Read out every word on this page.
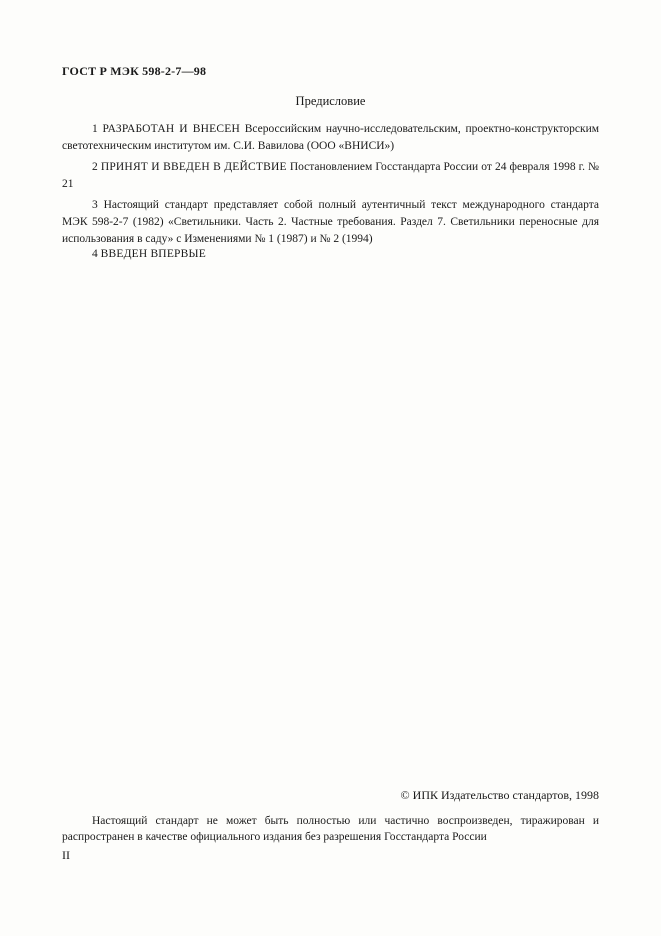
ГОСТ Р МЭК 598-2-7—98
Предисловие
1 РАЗРАБОТАН И ВНЕСЕН Всероссийским научно-исследовательским, проектно-конструкторским светотехническим институтом им. С.И. Вавилова (ООО «ВНИСИ»)
2 ПРИНЯТ И ВВЕДЕН В ДЕЙСТВИЕ Постановлением Госстандарта России от 24 февраля 1998 г. № 21
3 Настоящий стандарт представляет собой полный аутентичный текст международного стандарта МЭК 598-2-7 (1982) «Светильники. Часть 2. Частные требования. Раздел 7. Светильники переносные для использования в саду» с Изменениями № 1 (1987) и № 2 (1994)
4 ВВЕДЕН ВПЕРВЫЕ
© ИПК Издательство стандартов, 1998
Настоящий стандарт не может быть полностью или частично воспроизведен, тиражирован и распространен в качестве официального издания без разрешения Госстандарта России
II
